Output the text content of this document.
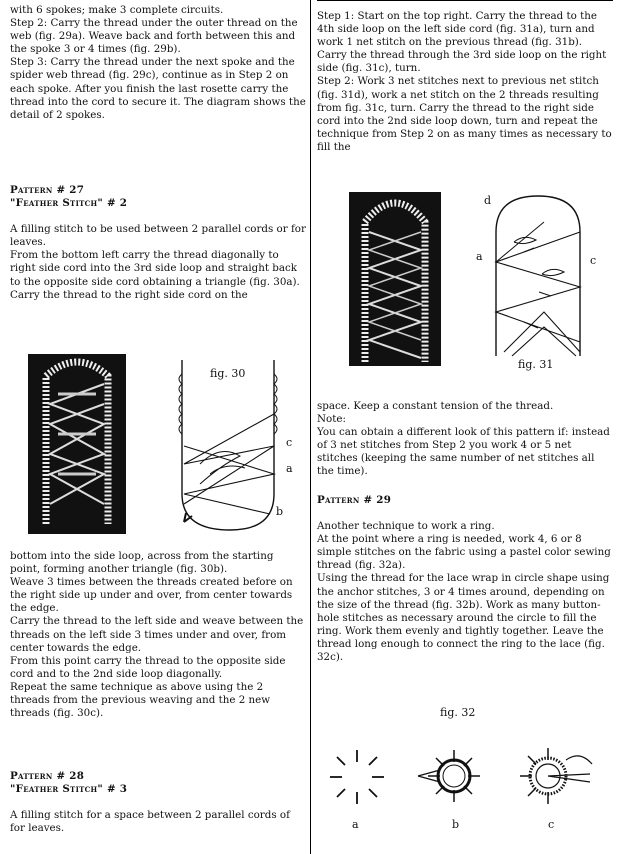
with 6 spokes; make 3 complete circuits.

Step 2: Carry the thread under the outer thread on the web (fig. 29a). Weave back and forth between this and the spoke 3 or 4 times (fig. 29b).

Step 3: Carry the thread under the next spoke and the spider web thread (fig. 29c), continue as in Step 2 on each spoke. After you finish the last rosette carry the thread into the cord to secure it. The diagram shows the detail of 2 spokes.

Pattern # 27

"Feather Stitch" # 2

A filling stitch to be used between 2 parallel cords or for leaves.

From the bottom left carry the thread diagonally to right side cord into the 3rd side loop and straight back to the opposite side cord obtaining a triangle (fig. 30a).

Carry the thread to the right side cord on the

fig. 30
c
a
b

bottom into the side loop, across from the starting point, forming another triangle (fig. 30b).

Weave 3 times between the threads created before on the right side up under and over, from center towards the edge.

Carry the thread to the left side and weave between the threads on the left side 3 times under and over, from center towards the edge.

From this point carry the thread to the opposite side cord and to the 2nd side loop diagonally.

Repeat the same technique as above using the 2 threads from the previous weaving and the 2 new threads (fig. 30c).

Pattern # 28

"Feather Stitch" # 3

A filling stitch for a space between 2 parallel cords of for leaves.

Step 1: Start on the top right. Carry the thread to the 4th side loop on the left side cord (fig. 31a), turn and work 1 net stitch on the previous thread (fig. 31b). Carry the thread through the 3rd side loop on the right side (fig. 31c), turn.

Step 2: Work 3 net stitches next to previous net stitch (fig. 31d), work a net stitch on the 2 threads resulting from fig. 31c, turn. Carry the thread to the right side cord into the 2nd side loop down, turn and repeat the technique from Step 2 on as many times as necessary to fill the

d
a	c
fig. 31

space. Keep a constant tension of the thread.

Note:

You can obtain a different look of this pattern if: instead of 3 net stitches from Step 2 you work 4 or 5 net stitches (keeping the same number of net stitches all the time).

Pattern # 29

Another technique to work a ring.

At the point where a ring is needed, work 4, 6 or 8 simple stitches on the fabric using a pastel color sewing thread (fig. 32a).

Using the thread for the lace wrap in circle shape using the anchor stitches, 3 or 4 times around, depending on the size of the thread (fig. 32b). Work as many button-hole stitches as necessary around the circle to fill the ring. Work them evenly and tightly together. Leave the thread long enough to connect the ring to the lace (fig. 32c).

fig. 32
a	b	c
